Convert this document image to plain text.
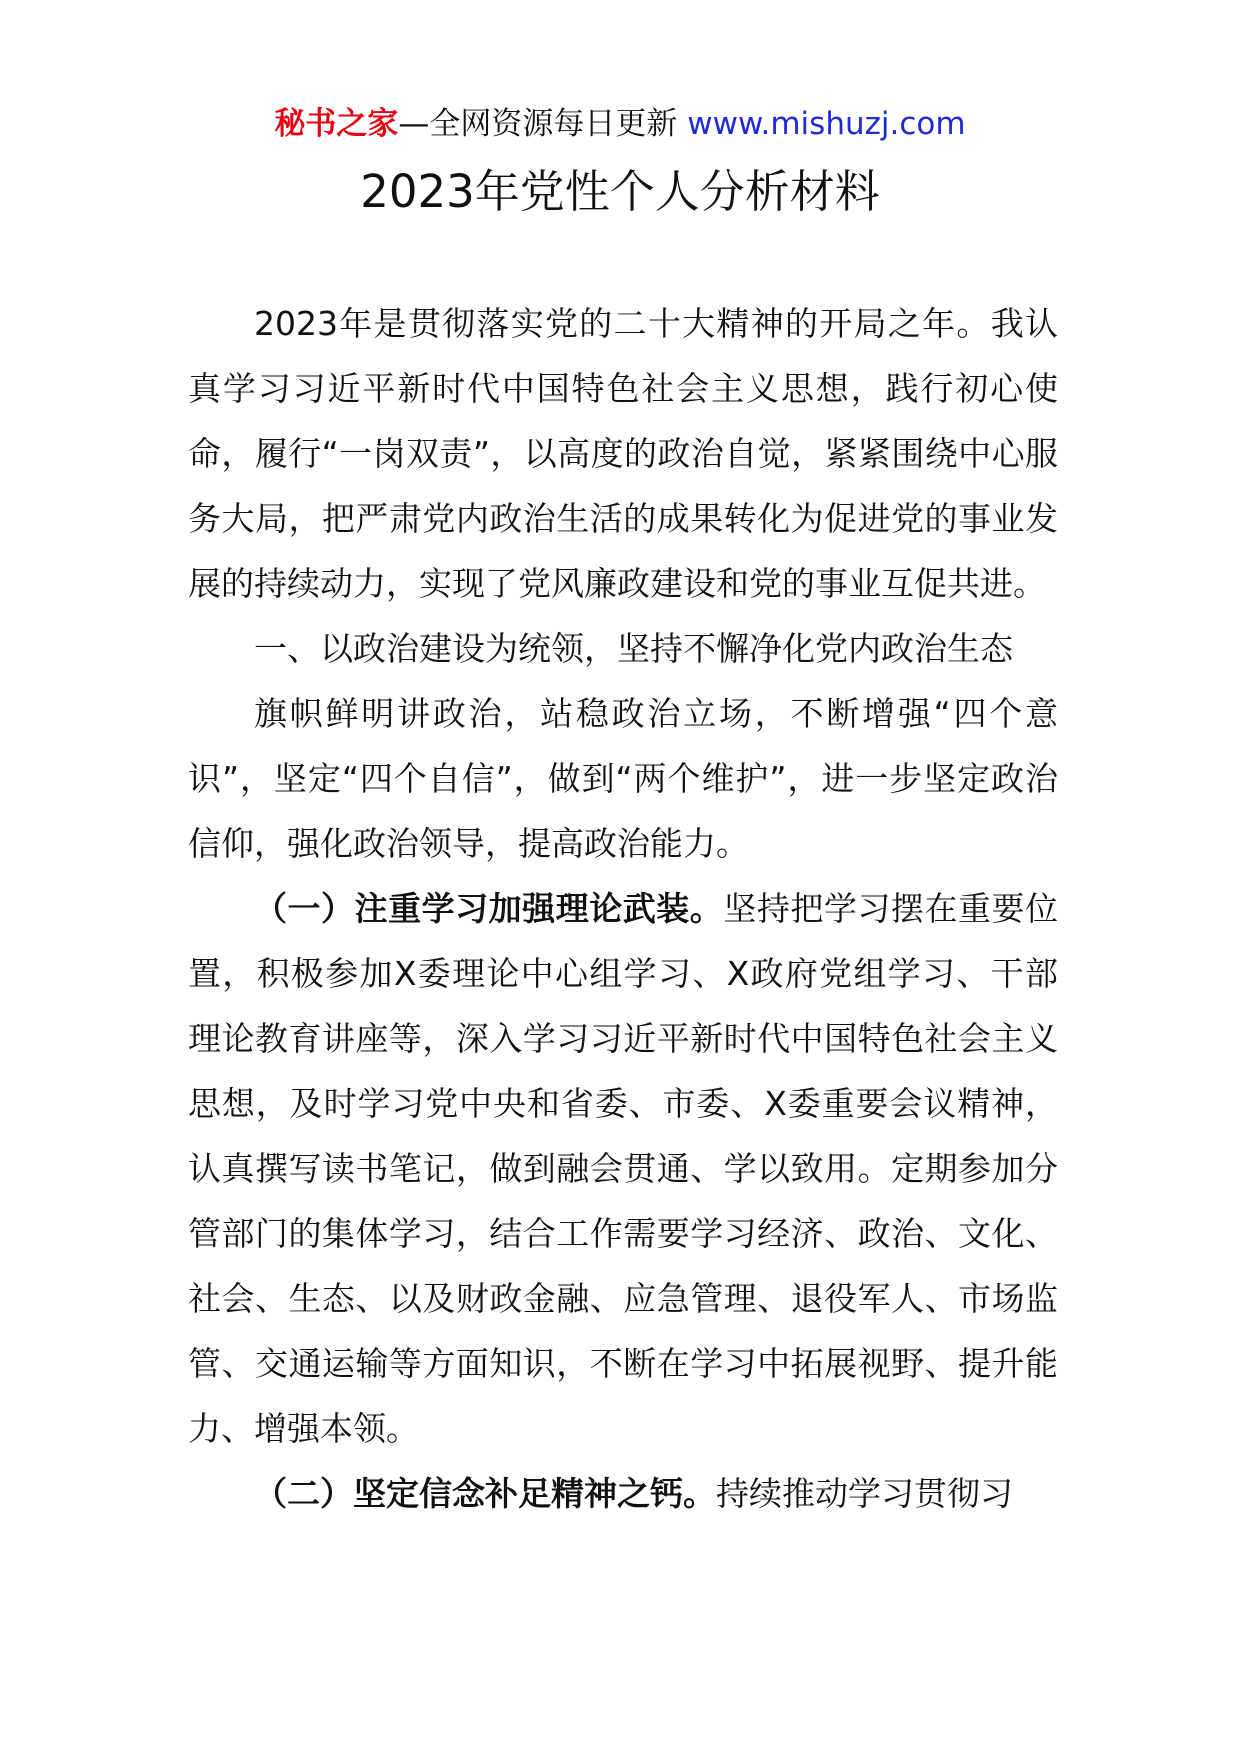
秘书之家—全网资源每日更新 www.mishuzj.com
2023年党性个人分析材料

2023年是贯彻落实党的二十大精神的开局之年。我认真学习习近平新时代中国特色社会主义思想，践行初心使命，履行“一岗双责”，以高度的政治自觉，紧紧围绕中心服务大局，把严肃党内政治生活的成果转化为促进党的事业发展的持续动力，实现了党风廉政建设和党的事业互促共进。

一、以政治建设为统领，坚持不懈净化党内政治生态

旗帜鲜明讲政治，站稳政治立场，不断增强“四个意识”，坚定“四个自信”，做到“两个维护”，进一步坚定政治信仰，强化政治领导，提高政治能力。

（一）注重学习加强理论武装。坚持把学习摆在重要位置，积极参加X委理论中心组学习、X政府党组学习、干部理论教育讲座等，深入学习习近平新时代中国特色社会主义思想，及时学习党中央和省委、市委、X委重要会议精神，认真撰写读书笔记，做到融会贯通、学以致用。定期参加分管部门的集体学习，结合工作需要学习经济、政治、文化、社会、生态、以及财政金融、应急管理、退役军人、市场监管、交通运输等方面知识，不断在学习中拓展视野、提升能力、增强本领。

（二）坚定信念补足精神之钙。持续推动学习贯彻习
